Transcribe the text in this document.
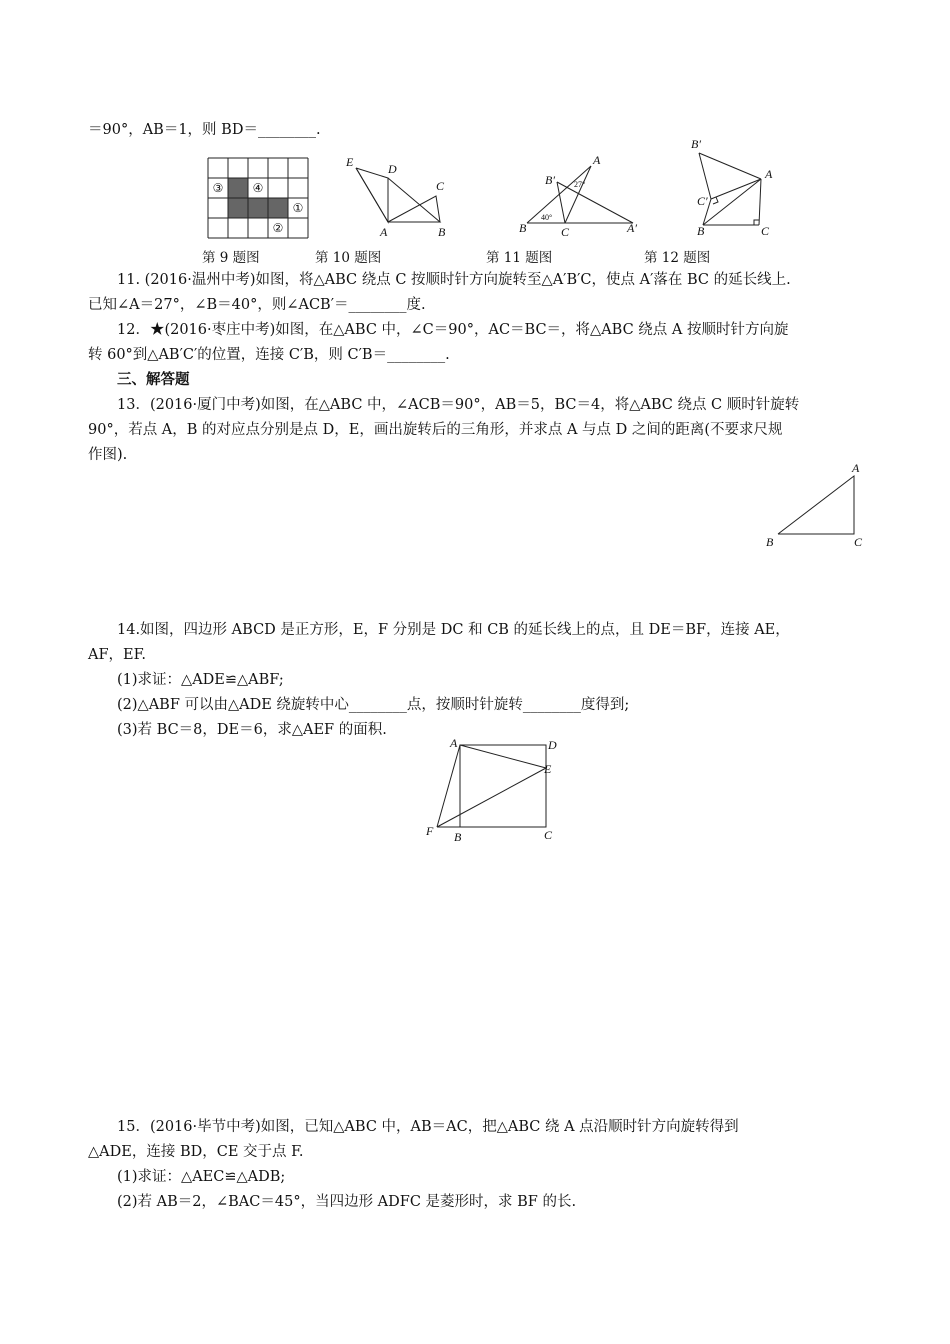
＝90°，AB＝1，则 BD＝________.
③ ④
①
②
E	D
C
A	B
A
B′ 27°
B
40°
C	A′
B′
A
C′
B	C
第 9 题图	第 10 题图	第 11 题图	第 12 题图
11. (2016·温州中考)如图，将△ABC 绕点 C 按顺时针方向旋转至△A′B′C，使点 A′落在 BC 的延长线上.
已知∠A＝27°，∠B＝40°，则∠ACB′＝________度.
12．★(2016·枣庄中考)如图，在△ABC 中，∠C＝90°，AC＝BC＝，将△ABC 绕点 A 按顺时针方向旋
转 60°到△AB′C′的位置，连接 C′B，则 C′B＝________.
三、解答题
13．(2016·厦门中考)如图，在△ABC 中，∠ACB＝90°，AB＝5，BC＝4，将△ABC 绕点 C 顺时针旋转
90°，若点 A，B 的对应点分别是点 D，E，画出旋转后的三角形，并求点 A 与点 D 之间的距离(不要求尺规
作图).
A
B	C
14.如图，四边形 ABCD 是正方形，E，F 分别是 DC 和 CB 的延长线上的点，且 DE＝BF，连接 AE，
AF，EF.
(1)求证：△ADE≌△ABF;
(2)△ABF 可以由△ADE 绕旋转中心________点，按顺时针旋转________度得到;
(3)若 BC＝8，DE＝6，求△AEF 的面积.
A	D
E
F B	C
15．(2016·毕节中考)如图，已知△ABC 中，AB＝AC，把△ABC 绕 A 点沿顺时针方向旋转得到
△ADE，连接 BD，CE 交于点 F.
(1)求证：△AEC≌△ADB;
(2)若 AB＝2，∠BAC＝45°，当四边形 ADFC 是菱形时，求 BF 的长.
